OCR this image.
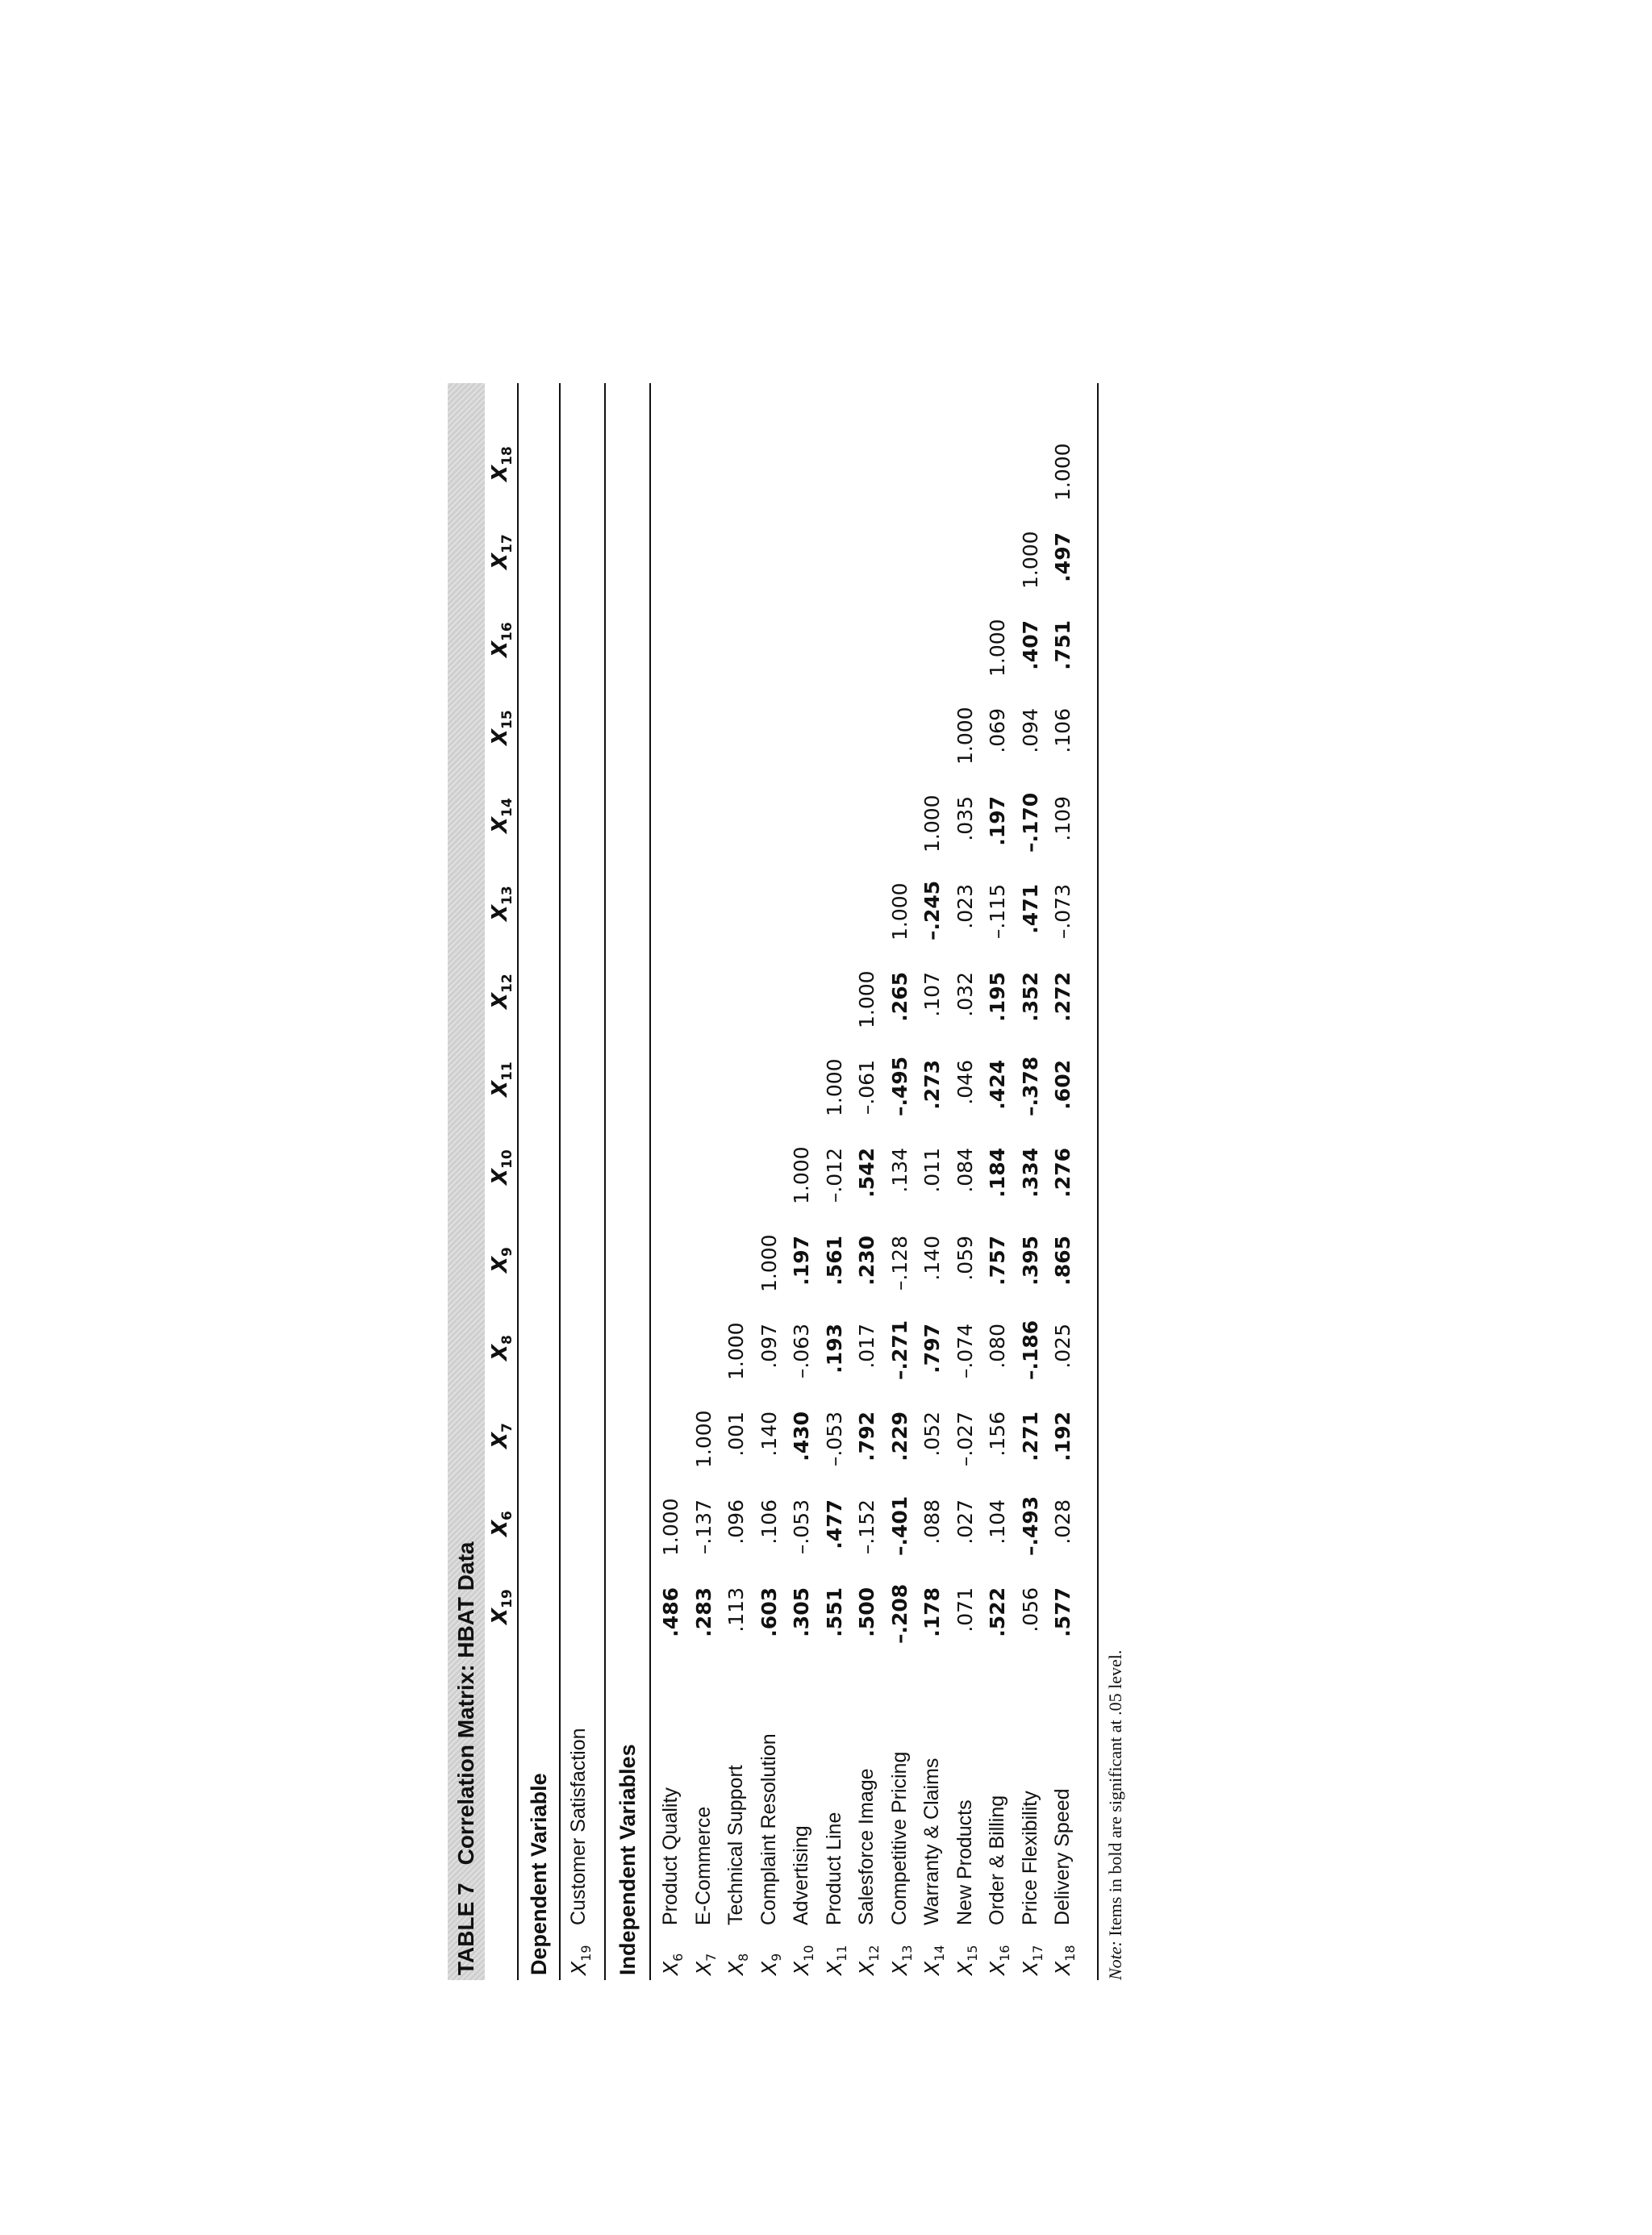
TABLE 7Correlation Matrix: HBAT Data $X_{19}$
$X_6$
$X_7$
$X_8$
$X_9$
$X_{10}$
$X_{11}$
$X_{12}$
$X_{13}$
$X_{14}$
$X_{15}$
$X_{16}$
$X_{17}$
$X_{18}$
Dependent Variable $X_{19}$
Customer Satisfaction Independent Variables $X_6$
Product Quality
.486
1.000
$X_7$
E-Commerce
.283
–.137
1.000
$X_8$
Technical Support
.113
.096
.001
1.000
$X_9$
Complaint Resolution
.603
.106
.140
.097
1.000
$X_{10}$
Advertising
.305
–.053
.430
–.063
.197
1.000
$X_{11}$
Product Line
.551
.477
–.053
.193
.561
–.012
1.000
$X_{12}$
Salesforce Image
.500
–.152
.792
.017
.230
.542
–.061
1.000
$X_{13}$
Competitive Pricing
–.208
–.401
.229
–.271
–.128
.134
–.495
.265
1.000
$X_{14}$
Warranty & Claims
.178
.088
.052
.797
.140
.011
.273
.107
–.245
1.000
$X_{15}$
New Products
.071
.027
–.027
–.074
.059
.084
.046
.032
.023
.035
1.000
$X_{16}$
Order & Billing
.522
.104
.156
.080
.757
.184
.424
.195
–.115
.197
.069
1.000
$X_{17}$
Price Flexibility
.056
–.493
.271
–.186
.395
.334
–.378
.352
.471
–.170
.094
.407
1.000
$X_{18}$
Delivery Speed
.577
.028
.192
.025
.865
.276
.602
.272
–.073
.109
.106
.751
.497
1.000
Note: Items in bold are significant at .05 level.
